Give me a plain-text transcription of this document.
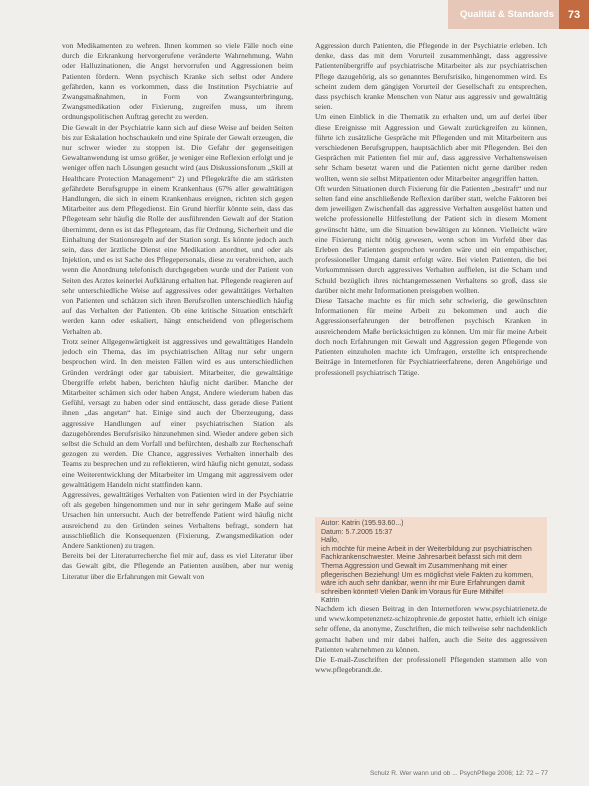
Qualität & Standards	73

von Medikamenten zu wehren. Ihnen kommen so viele Fälle noch eine durch die Erkrankung hervorgerufene veränderte Wahrnehmung, Wahn oder Halluzinationen, die Angst hervorrufen und Aggressionen beim Patienten fördern. Wenn psychisch Kranke sich selbst oder Andere gefährden, kann es vorkommen, dass die Institution Psychiatrie auf Zwangsmaßnahmen, in Form von Zwangsunterbringung, Zwangsmedikation oder Fixierung, zugreifen muss, um ihrem ordnungspolitischen Auftrag gerecht zu werden.

Die Gewalt in der Psychiatrie kann sich auf diese Weise auf beiden Seiten bis zur Eskalation hochschaukeln und eine Spirale der Gewalt erzeugen, die nur schwer wieder zu stoppen ist. Die Gefahr der gegenseitigen Gewaltanwendung ist umso größer, je weniger eine Reflexion erfolgt und je weniger offen nach Lösungen gesucht wird (aus Diskussionsforum „Skill at Healthcare Protection Management“ 2) und Pflegekräfte die am stärksten gefährdete Berufsgruppe in einem Krankenhaus (67% aller gewalttätigen Handlungen, die sich in einem Krankenhaus ereignen, richten sich gegen Mitarbeiter aus dem Pflegedienst. Ein Grund hierfür könnte sein, dass das Pflegeteam sehr häufig die Rolle der ausführenden Gewalt auf der Station übernimmt, denn es ist das Pflegeteam, das für Ordnung, Sicherheit und die Einhaltung der Stationsregeln auf der Station sorgt. Es könnte jedoch auch sein, dass der ärztliche Dienst eine Medikation anordnet, und oder als Injektion, und es ist Sache des Pflegepersonals, diese zu verabreichen, auch wenn die Anordnung telefonisch durchgegeben wurde und der Patient von Seiten des Arztes keinerlei Aufklärung erhalten hat. Pflegende reagieren auf sehr unterschiedliche Weise auf aggressives oder gewalttätiges Verhalten von Patienten und schätzen sich ihren Berufsrollen unterschiedlich häufig auf das Verhalten der Patienten. Ob eine kritische Situation entschärft werden kann oder eskaliert, hängt entscheidend von pflegerischem Verhalten ab.

Trotz seiner Allgegenwärtigkeit ist aggressives und gewalttätiges Handeln jedoch ein Thema, das im psychiatrischen Alltag nur sehr ungern besprochen wird. In den meisten Fällen wird es aus unterschiedlichen Gründen verdrängt oder gar tabuisiert. Mitarbeiter, die gewalttätige Übergriffe erlebt haben, berichten häufig nicht darüber. Manche der Mitarbeiter schämen sich oder haben Angst, Andere wiederum haben das Gefühl, versagt zu haben oder sind enttäuscht, dass gerade diese Patient ihnen „das angetan“ hat. Einige sind auch der Überzeugung, dass aggressive Handlungen auf einer psychiatrischen Station als dazugehörendes Berufsrisiko hinzunehmen sind. Wieder andere geben sich selbst die Schuld an dem Vorfall und befürchten, deshalb zur Rechenschaft gezogen zu werden. Die Chance, aggressives Verhalten innerhalb des Teams zu besprechen und zu reflektieren, wird häufig nicht genutzt, sodass eine Weiterentwicklung der Mitarbeiter im Umgang mit aggressivem oder gewalttätigem Handeln nicht stattfinden kann.

Aggressives, gewalttätiges Verhalten von Patienten wird in der Psychiatrie oft als gegeben hingenommen und nur in sehr geringem Maße auf seine Ursachen hin untersucht. Auch der betreffende Patient wird häufig nicht ausreichend zu den Gründen seines Verhaltens befragt, sondern hat ausschließlich die Konsequenzen (Fixierung, Zwangsmedikation oder Andere Sanktionen) zu tragen.

Bereits bei der Literaturrecherche fiel mir auf, dass es viel Literatur über das Gewalt gibt, die Pflegende an Patienten ausüben, aber nur wenig Literatur über die Erfahrungen mit Gewalt von

Aggression durch Patienten, die Pflegende in der Psychiatrie erleben. Ich denke, dass das mit dem Vorurteil zusammenhängt, dass aggressive Patientenübergriffe auf psychiatrische Mitarbeiter als zur psychiatrischen Pflege dazugehörig, als so genanntes Berufsrisiko, hingenommen wird. Es scheint zudem dem gängigen Vorurteil der Gesellschaft zu entsprechen, dass psychisch kranke Menschen von Natur aus aggressiv und gewalttätig seien.

Um einen Einblick in die Thematik zu erhalten und, um auf derlei über diese Ereignisse mit Aggression und Gewalt zurückgreifen zu können, führte ich zusätzliche Gespräche mit Pflegenden und mit Mitarbeitern aus verschiedenen Berufsgruppen, hauptsächlich aber mit Pflegenden. Bei den Gesprächen mit Patienten fiel mir auf, dass aggressive Verhaltensweisen sehr Scham besetzt waren und die Patienten nicht gerne darüber reden wollten, wenn sie selbst Mitpatienten oder Mitarbeiter angegriffen hatten.

Oft wurden Situationen durch Fixierung für die Patienten „bestraft“ und nur selten fand eine anschließende Reflexion darüber statt, welche Faktoren bei dem jeweiligen Zwischenfall das aggressive Verhalten ausgelöst hatten und welche professionelle Hilfestellung der Patient sich in diesem Moment gewünscht hätte, um die Situation bewältigen zu können. Vielleicht wäre eine Fixierung nicht nötig gewesen, wenn schon im Vorfeld über das Erleben des Patienten gesprochen worden wäre und ein empathischer, professioneller Umgang damit erfolgt wäre. Bei vielen Patienten, die bei Vorkommnissen durch aggressives Verhalten auffielen, ist die Scham und Schuld bezüglich ihres nichtangemessenen Verhaltens so groß, dass sie darüber nicht mehr Informationen preisgeben wollten.

Diese Tatsache machte es für mich sehr schwierig, die gewünschten Informationen für meine Arbeit zu bekommen und auch die Aggressionserfahrungen der betroffenen psychisch Kranken in ausreichendem Maße berücksichtigen zu können. Um mir für meine Arbeit doch noch Erfahrungen mit Gewalt und Aggression gegen Pflegende von Patienten einzuholen machte ich Umfragen, erstellte ich entsprechende Beiträge in Internetforen für Psychiatrieerfahrene, deren Angehörige und professionell psychiatrisch Tätige.

Autor: Katrin (195.93.60...)
Datum: 5.7.2005 15:37
Hallo,
ich möchte für meine Arbeit in der Weiterbildung zur psychiatrischen Fachkrankenschwester. Meine Jahresarbeit befasst sich mit dem Thema Aggression und Gewalt im Zusammenhang mit einer pflegerischen Beziehung! Um es möglichst viele Fakten zu kommen, wäre ich auch sehr dankbar, wenn ihr mir Eure Erfahrungen damit schreiben könntet! Vielen Dank im Voraus für Eure Mithilfe!
Katrin

Nachdem ich diesen Beitrag in den Internetforen www.psychiatrienetz.de und www.kompetenznetz-schizophrenie.de gepostet hatte, erhielt ich einige sehr offene, da anonyme, Zuschriften, die mich teilweise sehr nachdenklich gemacht haben und mir dabei halfen, auch die Seite des aggressiven Patienten wahrnehmen zu können.

Die E-mail-Zuschriften der professionell Pflegenden stammen alle von www.pflegebrandt.de.

Schulz R. Wer wann und ob ... PsychPflege 2006; 12: 72 – 77
